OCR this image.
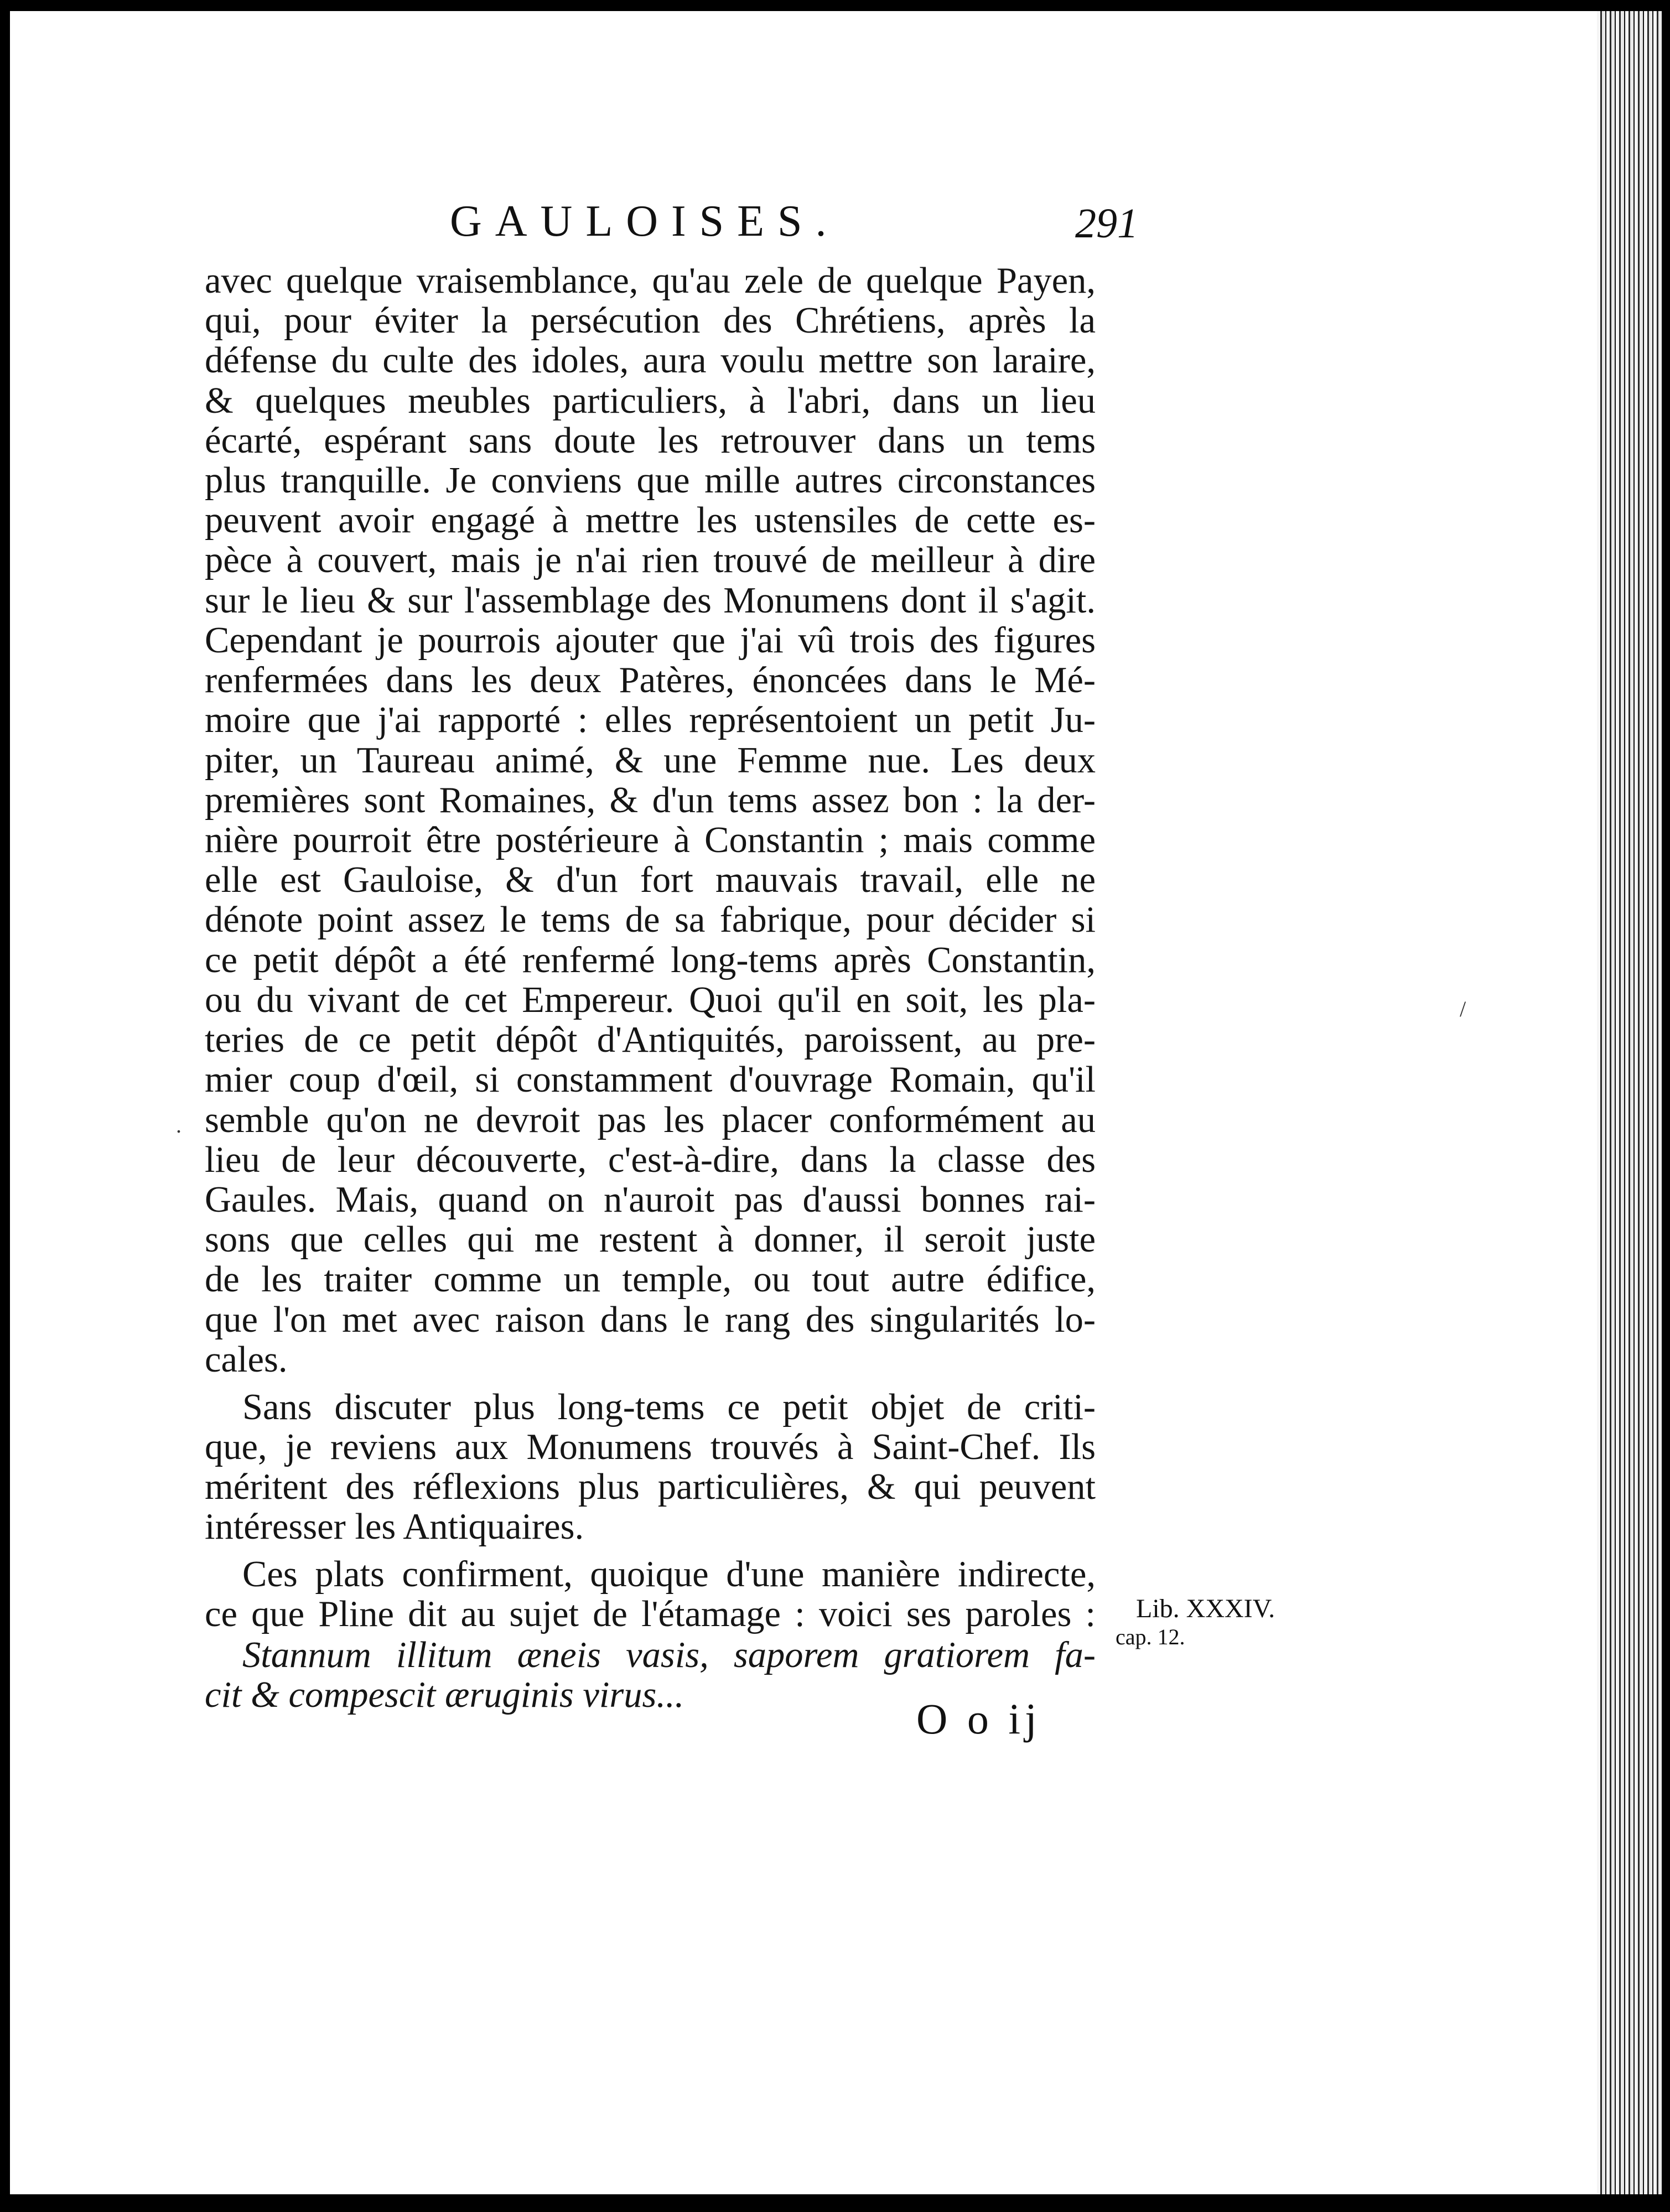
GAULOISES.	291
avec quelque vraisemblance, qu'au zele de quelque Payen,
qui, pour éviter la persécution des Chrétiens, après la
défense du culte des idoles, aura voulu mettre son laraire,
& quelques meubles particuliers, à l'abri, dans un lieu
écarté, espérant sans doute les retrouver dans un tems
plus tranquille. Je conviens que mille autres circonstances
peuvent avoir engagé à mettre les ustensiles de cette es-
pèce à couvert, mais je n'ai rien trouvé de meilleur à dire
sur le lieu & sur l'assemblage des Monumens dont il s'agit.
Cependant je pourrois ajouter que j'ai vû trois des figures
renfermées dans les deux Patères, énoncées dans le Mé-
moire que j'ai rapporté : elles représentoient un petit Ju-
piter, un Taureau animé, & une Femme nue. Les deux
premières sont Romaines, & d'un tems assez bon : la der-
nière pourroit être postérieure à Constantin ; mais comme
elle est Gauloise, & d'un fort mauvais travail, elle ne
dénote point assez le tems de sa fabrique, pour décider si
ce petit dépôt a été renfermé long-tems après Constantin,
ou du vivant de cet Empereur. Quoi qu'il en soit, les pla-
teries de ce petit dépôt d'Antiquités, paroissent, au pre-
mier coup d'œil, si constamment d'ouvrage Romain, qu'il
semble qu'on ne devroit pas les placer conformément au
lieu de leur découverte, c'est-à-dire, dans la classe des
Gaules. Mais, quand on n'auroit pas d'aussi bonnes rai-
sons que celles qui me restent à donner, il seroit juste
de les traiter comme un temple, ou tout autre édifice,
que l'on met avec raison dans le rang des singularités lo-
cales.
Sans discuter plus long-tems ce petit objet de criti-
que, je reviens aux Monumens trouvés à Saint-Chef. Ils
méritent des réflexions plus particulières, & qui peuvent
intéresser les Antiquaires.
Ces plats confirment, quoique d'une manière indirecte,
ce que Pline dit au sujet de l'étamage : voici ses paroles :
Stannum illitum æneis vasis, saporem gratiorem fa-
cit & compescit æruginis virus...
Lib. XXXIV.
cap. 12.
O o ij
/
.
